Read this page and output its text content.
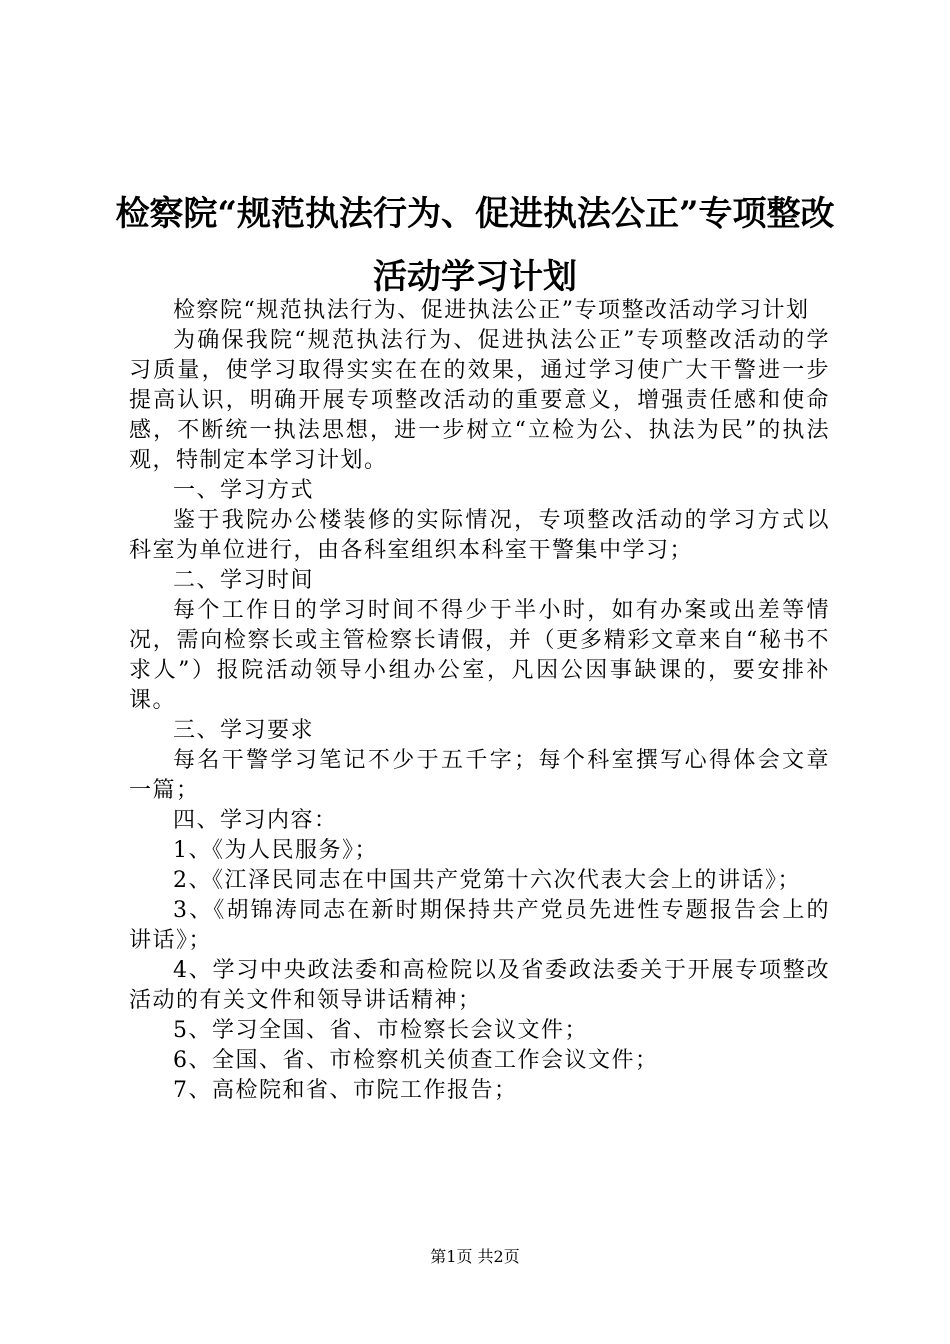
检察院“规范执法行为、促进执法公正”专项整改活动学习计划

检察院“规范执法行为、促进执法公正”专项整改活动学习计划

为确保我院“规范执法行为、促进执法公正”专项整改活动的学习质量，使学习取得实实在在的效果，通过学习使广大干警进一步提高认识，明确开展专项整改活动的重要意义，增强责任感和使命感，不断统一执法思想，进一步树立“立检为公、执法为民”的执法观，特制定本学习计划。

一、学习方式

鉴于我院办公楼装修的实际情况，专项整改活动的学习方式以科室为单位进行，由各科室组织本科室干警集中学习；

二、学习时间

每个工作日的学习时间不得少于半小时，如有办案或出差等情况，需向检察长或主管检察长请假，并（更多精彩文章来自“秘书不求人”）报院活动领导小组办公室，凡因公因事缺课的，要安排补课。

三、学习要求

每名干警学习笔记不少于五千字；每个科室撰写心得体会文章一篇；

四、学习内容：

1、《为人民服务》；

2、《江泽民同志在中国共产党第十六次代表大会上的讲话》；

3、《胡锦涛同志在新时期保持共产党员先进性专题报告会上的讲话》；

4、学习中央政法委和高检院以及省委政法委关于开展专项整改活动的有关文件和领导讲话精神；

5、学习全国、省、市检察长会议文件；

6、全国、省、市检察机关侦查工作会议文件；

7、高检院和省、市院工作报告；

第1页 共2页
